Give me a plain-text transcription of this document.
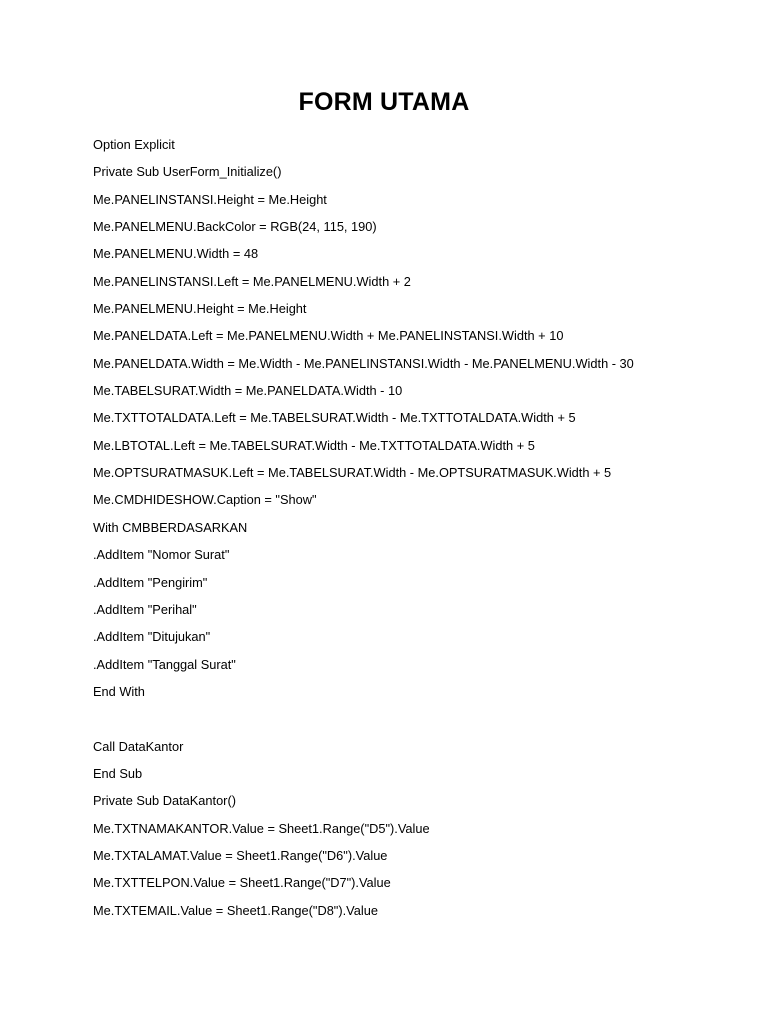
FORM UTAMA
Option Explicit
Private Sub UserForm_Initialize()
Me.PANELINSTANSI.Height = Me.Height
Me.PANELMENU.BackColor = RGB(24, 115, 190)
Me.PANELMENU.Width = 48
Me.PANELINSTANSI.Left = Me.PANELMENU.Width + 2
Me.PANELMENU.Height = Me.Height
Me.PANELDATA.Left = Me.PANELMENU.Width + Me.PANELINSTANSI.Width + 10
Me.PANELDATA.Width = Me.Width - Me.PANELINSTANSI.Width - Me.PANELMENU.Width - 30
Me.TABELSURAT.Width = Me.PANELDATA.Width - 10
Me.TXTTOTALDATA.Left = Me.TABELSURAT.Width - Me.TXTTOTALDATA.Width + 5
Me.LBTOTAL.Left = Me.TABELSURAT.Width - Me.TXTTOTALDATA.Width + 5
Me.OPTSURATMASUK.Left = Me.TABELSURAT.Width - Me.OPTSURATMASUK.Width + 5
Me.CMDHIDESHOW.Caption = "Show"
With CMBBERDASARKAN
.AddItem "Nomor Surat"
.AddItem "Pengirim"
.AddItem "Perihal"
.AddItem "Ditujukan"
.AddItem "Tanggal Surat"
End With
Call DataKantor
End Sub
Private Sub DataKantor()
Me.TXTNAMAKANTOR.Value = Sheet1.Range("D5").Value
Me.TXTALAMAT.Value = Sheet1.Range("D6").Value
Me.TXTTELPON.Value = Sheet1.Range("D7").Value
Me.TXTEMAIL.Value = Sheet1.Range("D8").Value
